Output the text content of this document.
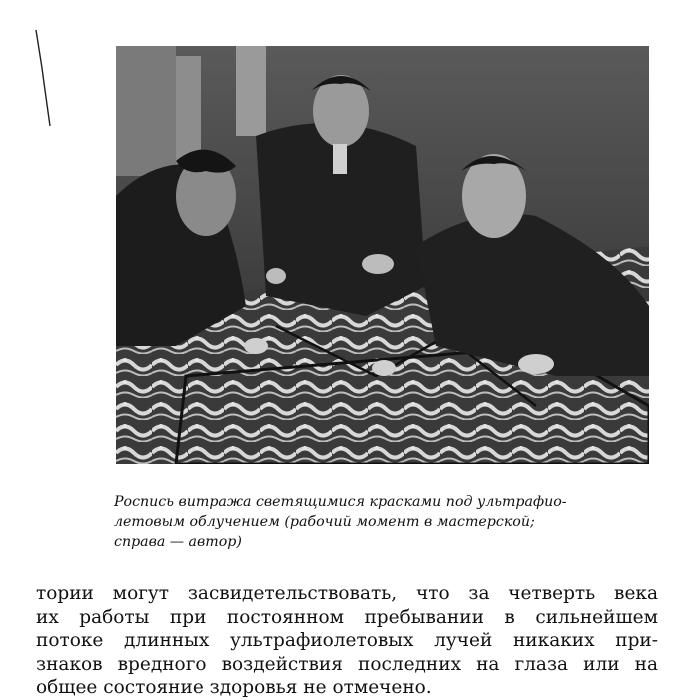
Роспись витража светящимися красками под ультрафио-
летовым облучением (рабочий момент в мастерской;
справа — автор)
тории могут засвидетельствовать, что за четверть века
их работы при постоянном пребывании в сильнейшем
потоке длинных ультрафиолетовых лучей никаких при-
знаков вредного воздействия последних на глаза или на
общее состояние здоровья не отмечено.
